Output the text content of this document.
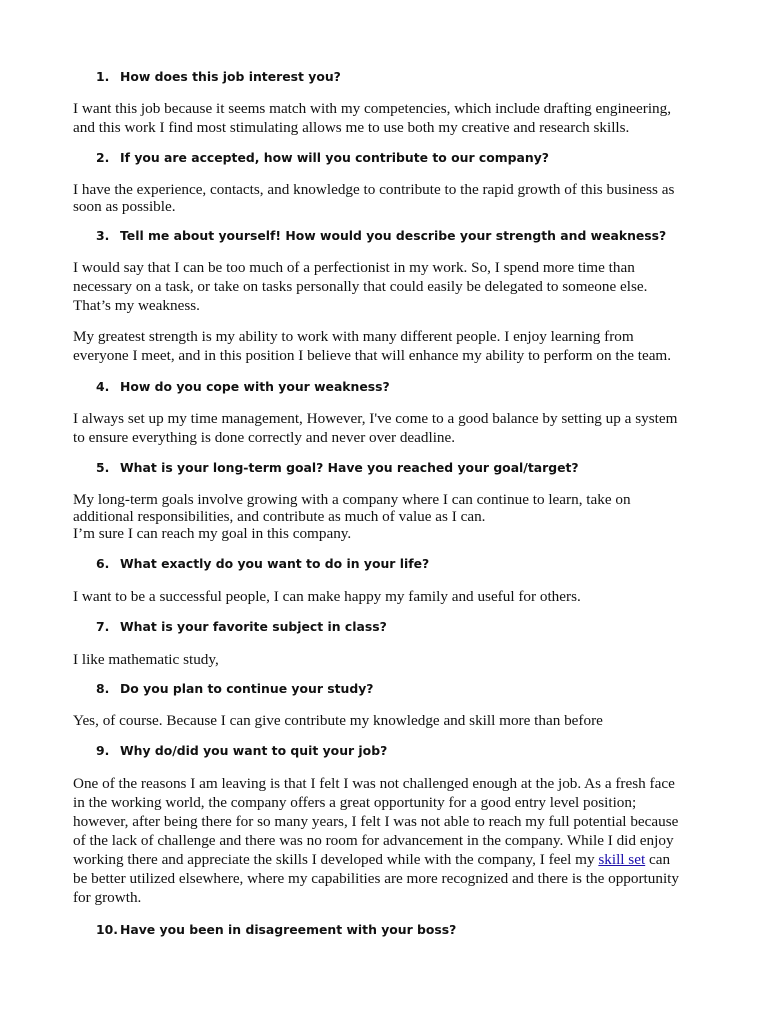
1. How does this job interest you?
I want this job because it seems match with my competencies, which include drafting engineering,
and this work I find most stimulating allows me to use both my creative and research skills.
2. If you are accepted, how will you contribute to our company?
I have the experience, contacts, and knowledge to contribute to the rapid growth of this business as
soon as possible.
3. Tell me about yourself! How would you describe your strength and weakness?
I would say that I can be too much of a perfectionist in my work. So, I spend more time than
necessary on a task, or take on tasks personally that could easily be delegated to someone else.
That’s my weakness.
My greatest strength is my ability to work with many different people. I enjoy learning from
everyone I meet, and in this position I believe that will enhance my ability to perform on the team.
4. How do you cope with your weakness?
I always set up my time management, However, I've come to a good balance by setting up a system
to ensure everything is done correctly and never over deadline.
5. What is your long-term goal? Have you reached your goal/target?
My long-term goals involve growing with a company where I can continue to learn, take on
additional responsibilities, and contribute as much of value as I can.
I’m sure I can reach my goal in this company.
6. What exactly do you want to do in your life?
I want to be a successful people, I can make happy my family and useful for others.
7. What is your favorite subject in class?
I like mathematic study,
8. Do you plan to continue your study?
Yes, of course. Because I can give contribute my knowledge and skill more than before
9. Why do/did you want to quit your job?
One of the reasons I am leaving is that I felt I was not challenged enough at the job. As a fresh face
in the working world, the company offers a great opportunity for a good entry level position;
however, after being there for so many years, I felt I was not able to reach my full potential because
of the lack of challenge and there was no room for advancement in the company. While I did enjoy
working there and appreciate the skills I developed while with the company, I feel my skill set can
be better utilized elsewhere, where my capabilities are more recognized and there is the opportunity
for growth.
10. Have you been in disagreement with your boss?
